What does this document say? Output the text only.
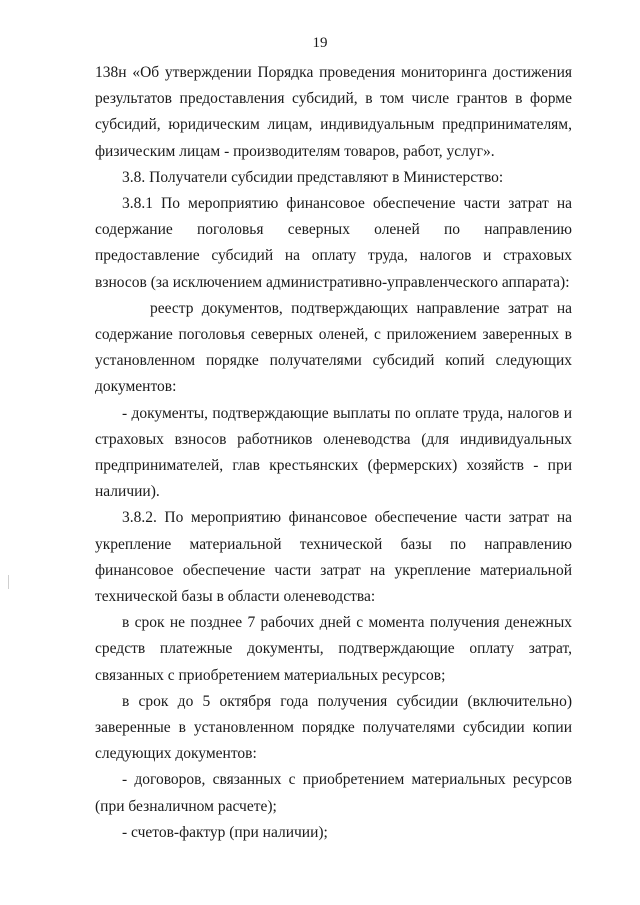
19

138н «Об утверждении Порядка проведения мониторинга достижения результатов предоставления субсидий, в том числе грантов в форме субсидий, юридическим лицам, индивидуальным предпринимателям, физическим лицам - производителям товаров, работ, услуг».

3.8. Получатели субсидии представляют в Министерство:

3.8.1 По мероприятию финансовое обеспечение части затрат на содержание поголовья северных оленей по направлению предоставление субсидий на оплату труда, налогов и страховых взносов (за исключением административно-управленческого аппарата):

реестр документов, подтверждающих направление затрат на содержание поголовья северных оленей, с приложением заверенных в установленном порядке получателями субсидий копий следующих документов:

- документы, подтверждающие выплаты по оплате труда, налогов и страховых взносов работников оленеводства (для индивидуальных предпринимателей, глав крестьянских (фермерских) хозяйств - при наличии).

3.8.2. По мероприятию финансовое обеспечение части затрат на укрепление материальной технической базы по направлению финансовое обеспечение части затрат на укрепление материальной технической базы в области оленеводства:

в срок не позднее 7 рабочих дней с момента получения денежных средств платежные документы, подтверждающие оплату затрат, связанных с приобретением материальных ресурсов;

в срок до 5 октября года получения субсидии (включительно) заверенные в установленном порядке получателями субсидии копии следующих документов:

- договоров, связанных с приобретением материальных ресурсов (при безналичном расчете);

- счетов-фактур (при наличии);
